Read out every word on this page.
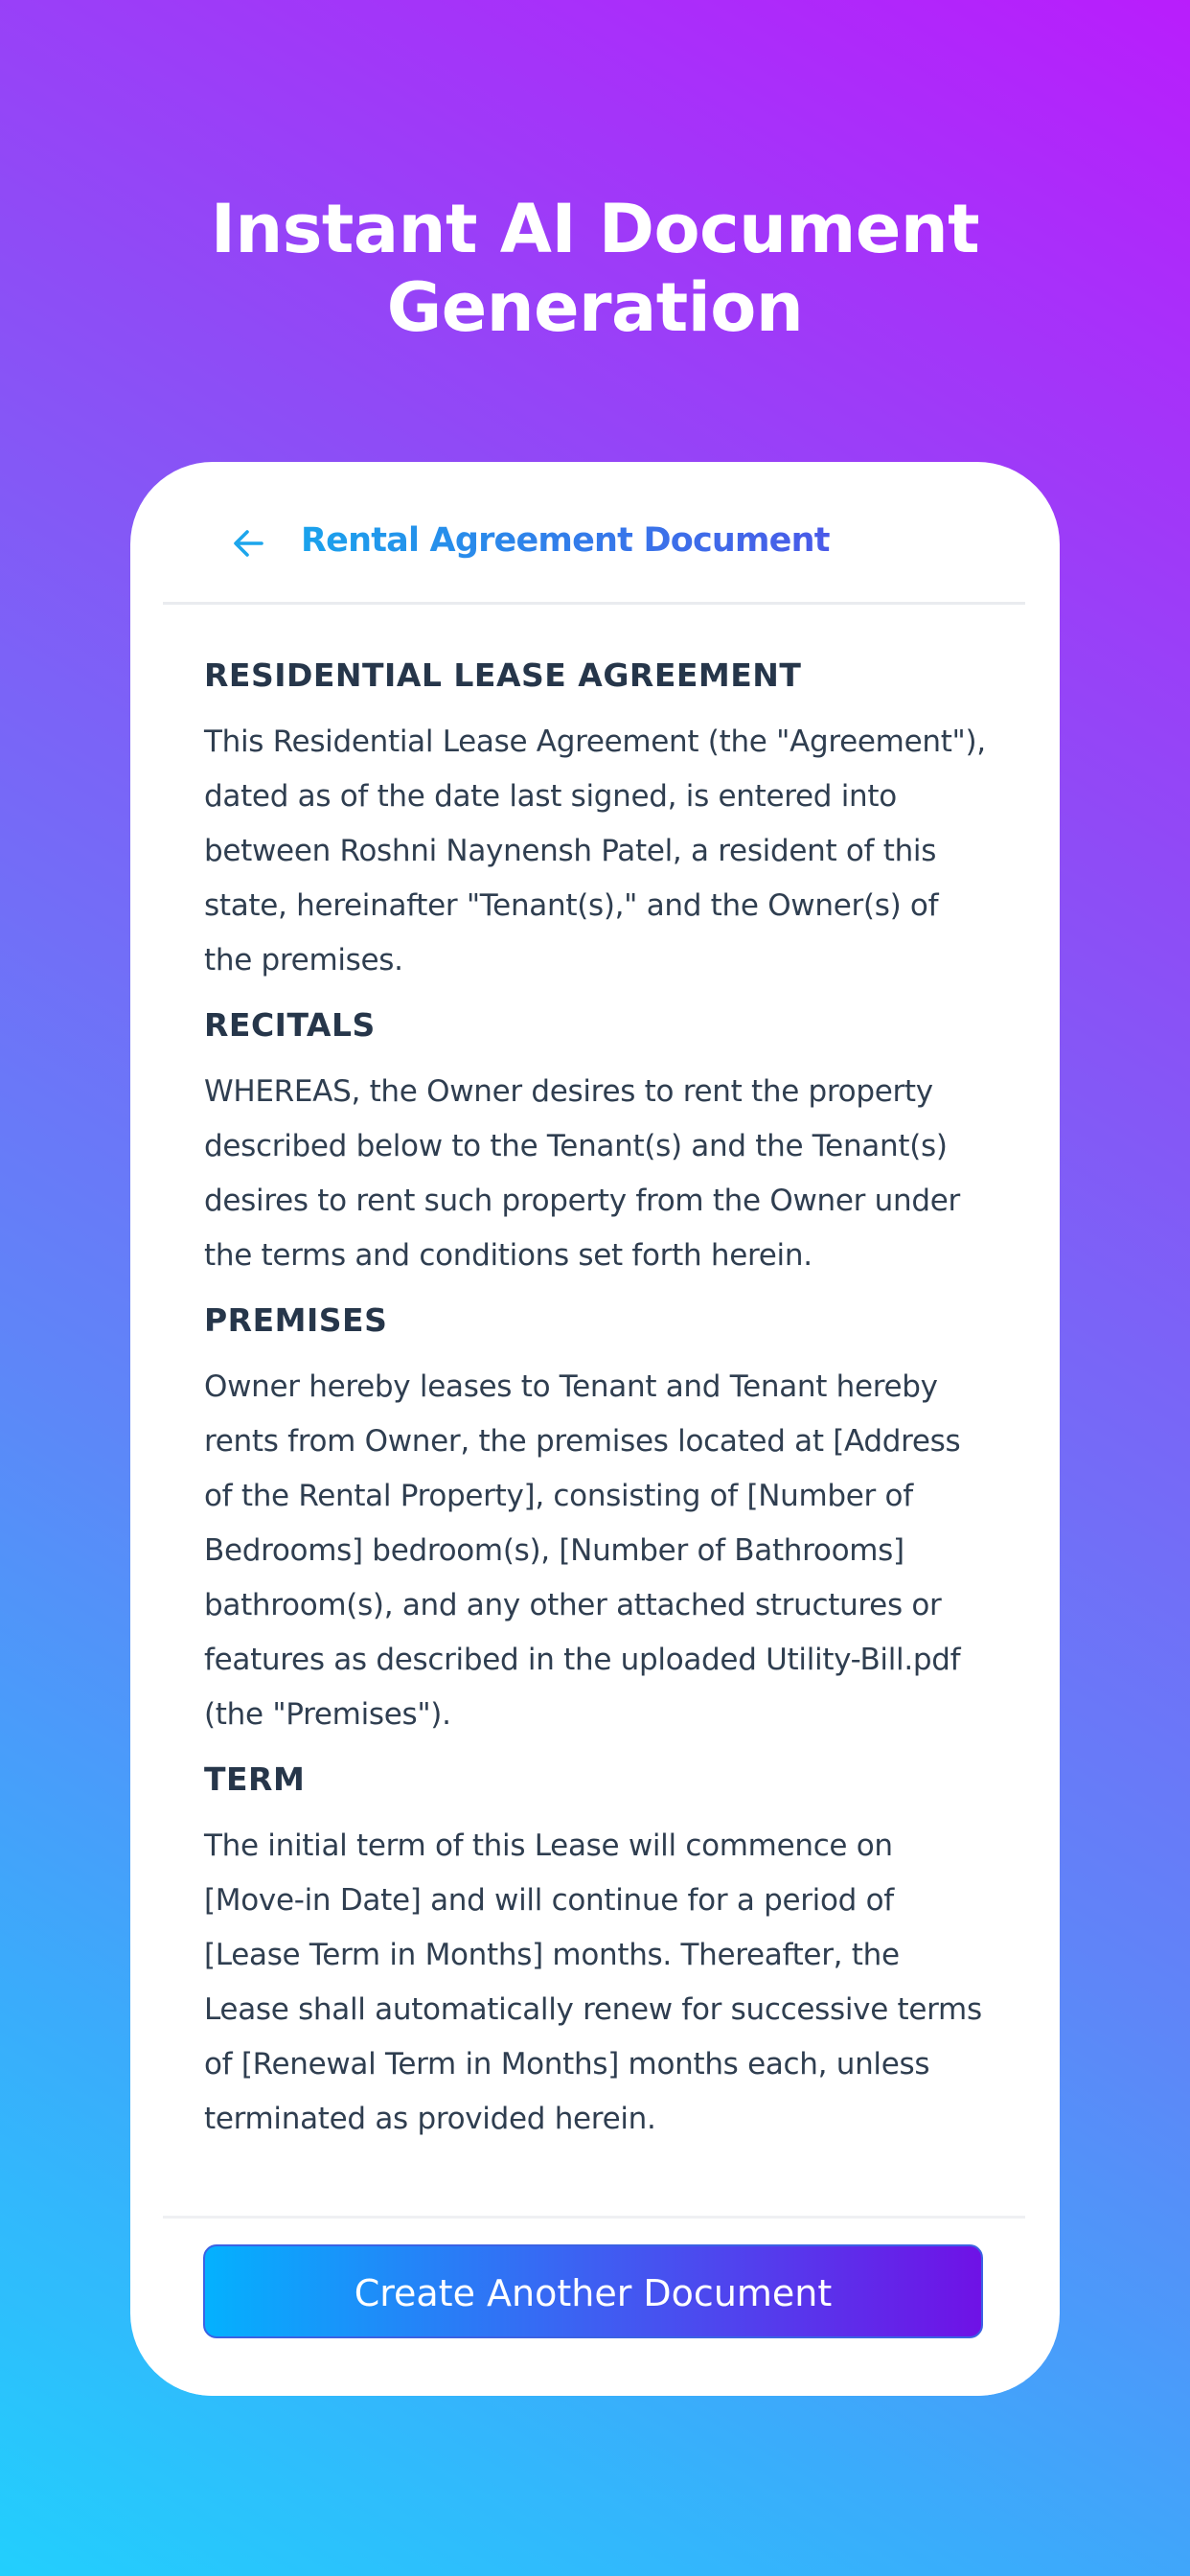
Instant AI Document Generation
Rental Agreement Document
RESIDENTIAL LEASE AGREEMENT

This Residential Lease Agreement (the "Agreement"), dated as of the date last signed, is entered into between Roshni Naynensh Patel, a resident of this state, hereinafter "Tenant(s)," and the Owner(s) of the premises.

RECITALS

WHEREAS, the Owner desires to rent the property described below to the Tenant(s) and the Tenant(s) desires to rent such property from the Owner under the terms and conditions set forth herein.

PREMISES

Owner hereby leases to Tenant and Tenant hereby rents from Owner, the premises located at [Address of the Rental Property], consisting of [Number of Bedrooms] bedroom(s), [Number of Bathrooms] bathroom(s), and any other attached structures or features as described in the uploaded Utility-Bill.pdf (the "Premises").

TERM

The initial term of this Lease will commence on [Move-in Date] and will continue for a period of [Lease Term in Months] months. Thereafter, the Lease shall automatically renew for successive terms of [Renewal Term in Months] months each, unless terminated as provided herein.

Create Another Document
